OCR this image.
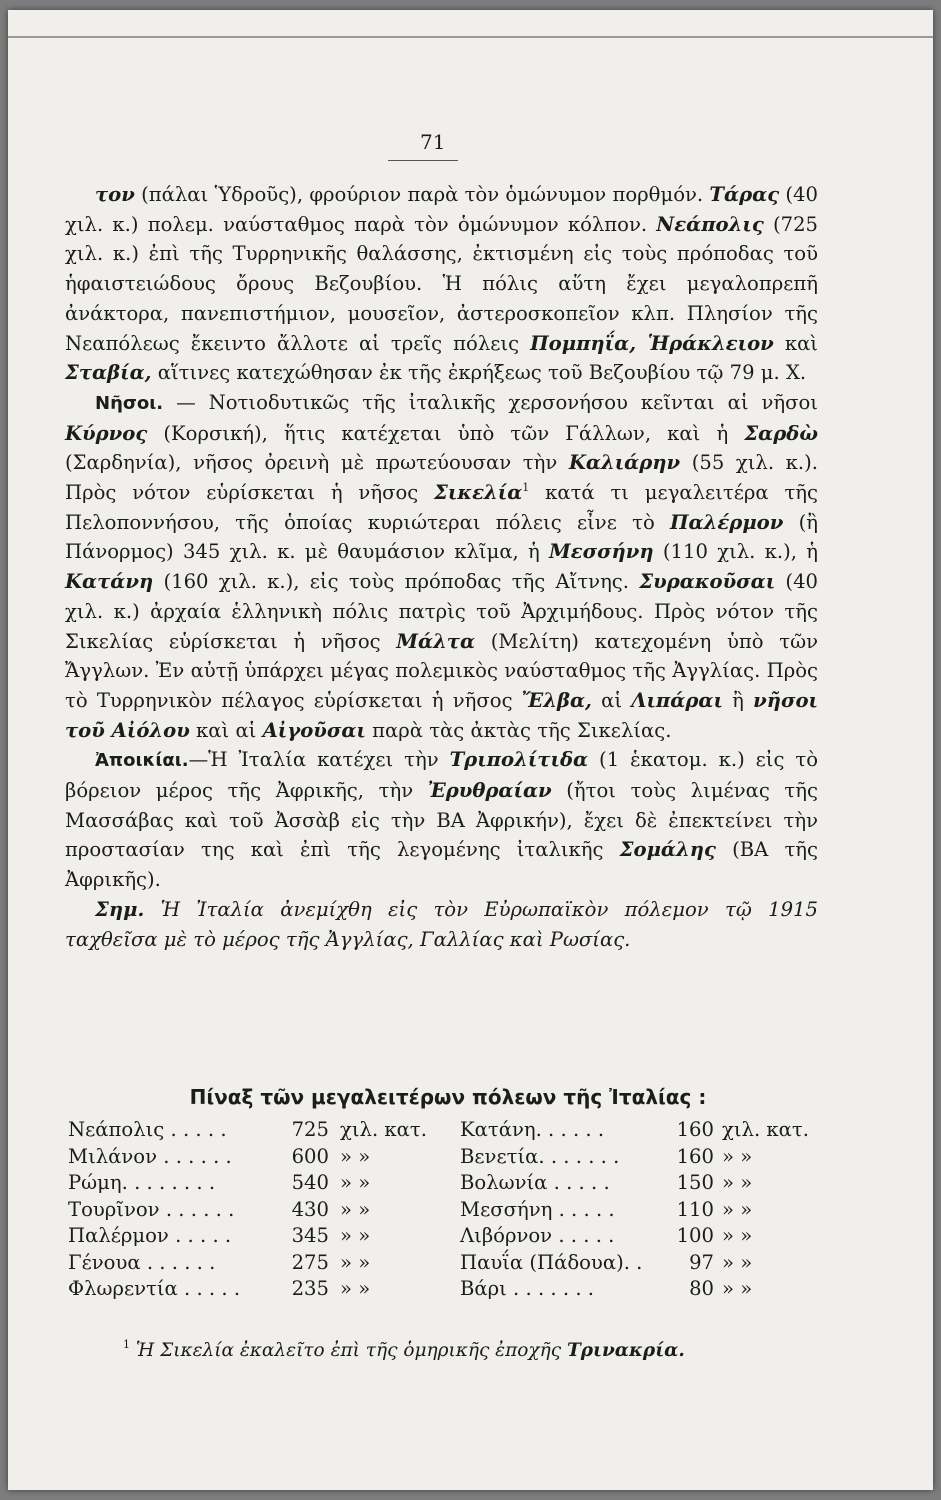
71

τον (πάλαι Ὑδροῦς), φρούριον παρὰ τὸν ὁμώνυμον πορθμόν. Τάρας (40 χιλ. κ.) πολεμ. ναύσταθμος παρὰ τὸν ὁμώνυμον κόλπον. Νεάπολις (725 χιλ. κ.) ἐπὶ τῆς Τυρρηνικῆς θαλάσσης, ἐκτισμένη εἰς τοὺς πρόποδας τοῦ ἡφαιστειώδους ὄρους Βεζουβίου. Ἡ πόλις αὕτη ἔχει μεγαλοπρεπῆ ἀνάκτορα, πανεπιστήμιον, μουσεῖον, ἀστεροσκοπεῖον κλπ. Πλησίον τῆς Νεαπόλεως ἔκειντο ἄλλοτε αἱ τρεῖς πόλεις Πομπηΐα, Ἡράκλειον καὶ Σταβία, αἵτινες κατεχώθησαν ἐκ τῆς ἐκρήξεως τοῦ Βεζουβίου τῷ 79 μ. Χ.

Νῆσοι. — Νοτιοδυτικῶς τῆς ἰταλικῆς χερσονήσου κεῖνται αἱ νῆσοι Κύρνος (Κορσική), ἥτις κατέχεται ὑπὸ τῶν Γάλλων, καὶ ἡ Σαρδὼ (Σαρδηνία), νῆσος ὀρεινὴ μὲ πρωτεύουσαν τὴν Καλιάρην (55 χιλ. κ.). Πρὸς νότον εὑρίσκεται ἡ νῆσος Σικελία$^1$ κατά τι μεγαλειτέρα τῆς Πελοποννήσου, τῆς ὁποίας κυριώτεραι πόλεις εἶνε τὸ Παλέρμον (ἢ Πάνορμος) 345 χιλ. κ. μὲ θαυμάσιον κλῖμα, ἡ Μεσσήνη (110 χιλ. κ.), ἡ Κατάνη (160 χιλ. κ.), εἰς τοὺς πρόποδας τῆς Αἴτνης. Συρακοῦσαι (40 χιλ. κ.) ἀρχαία ἑλληνικὴ πόλις πατρὶς τοῦ Ἀρχιμήδους. Πρὸς νότον τῆς Σικελίας εὑρίσκεται ἡ νῆσος Μάλτα (Μελίτη) κατεχομένη ὑπὸ τῶν Ἄγγλων. Ἐν αὐτῇ ὑπάρχει μέγας πολεμικὸς ναύσταθμος τῆς Ἀγγλίας. Πρὸς τὸ Τυρρηνικὸν πέλαγος εὑρίσκεται ἡ νῆσος Ἔλβα, αἱ Λιπάραι ἢ νῆσοι τοῦ Αἰόλου καὶ αἱ Αἰγοῦσαι παρὰ τὰς ἀκτὰς τῆς Σικελίας.

Ἀποικίαι.—Ἡ Ἰταλία κατέχει τὴν Τριπολίτιδα (1 ἑκατομ. κ.) εἰς τὸ βόρειον μέρος τῆς Ἀφρικῆς, τὴν Ἐρυθραίαν (ἤτοι τοὺς λιμένας τῆς Μασσάβας καὶ τοῦ Ἀσσὰβ εἰς τὴν ΒΑ Ἀφρικήν), ἔχει δὲ ἐπεκτείνει τὴν προστασίαν της καὶ ἐπὶ τῆς λεγομένης ἰταλικῆς Σομάλης (ΒΑ τῆς Ἀφρικῆς).

Σημ. Ἡ Ἰταλία ἀνεμίχθη εἰς τὸν Εὐρωπαϊκὸν πόλεμον τῷ 1915 ταχθεῖσα μὲ τὸ μέρος τῆς Ἀγγλίας, Γαλλίας καὶ Ρωσίας.

Πίναξ τῶν μεγαλειτέρων πόλεων τῆς Ἰταλίας :
Νεάπολις . . . . .	725 χιλ. κατ. Κατάνη. . . . . .	160 χιλ. κατ.
Μιλάνον . . . . . .	600 » »	Βενετία. . . . . . .	160 » »
Ρώμη. . . . . . . .	540 » »	Βολωνία . . . . .	150 » »
Τουρῖνον . . . . . .	430 » »	Μεσσήνη . . . . .	110 » »
Παλέρμον . . . . .	345 » »	Λιβόρνον . . . . .	100 » »
Γένουα . . . . . .	275 » »	Παυΐα (Πάδουα). .	97 » »
Φλωρεντία . . . . .	235 » »	Βάρι . . . . . . .	80 » »
$^1$ Ἡ Σικελία ἐκαλεῖτο ἐπὶ τῆς ὁμηρικῆς ἐποχῆς Τρινακρία.
